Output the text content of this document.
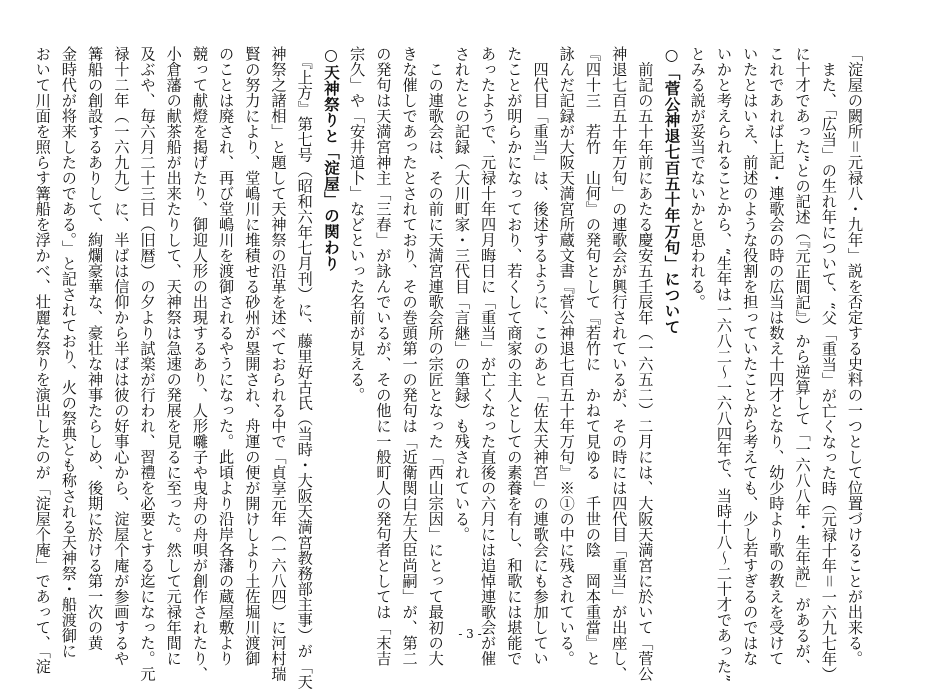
「淀屋の闕所＝元禄八・九年」説を否定する史料の一つとして位置づけることが出来る。
　また、「広当」の生れ年について、“父「重当」が亡くなった時（元禄十年＝一六九七年）
に十才であった”との記述（『元正間記』）から逆算して「一六八八年・生年説」があるが、
これであれば上記・連歌会の時の広当は数え十四才となり、幼少時より歌の教えを受けて
いたとはいえ、前述のような役割を担っていたことから考えても、少し若すぎるのではな
いかと考えられることから、“生年は一六八二～一六八四年で、当時十八～二十才であった”
とみる説が妥当でないかと思われる。
○「菅公神退七百五十年万句」について
　前記の五十年前にあたる慶安五壬辰年（一六五二）二月には、大阪天満宮に於いて「菅公
神退七百五十年万句」の連歌会が興行されているが、その時には四代目「重当」が出座し、
『四十三　若竹　山何』の発句として『若竹に　かねて見ゆる　千世の陰　岡本重當』と
詠んだ記録が大阪天満宮所蔵文書『菅公神退七百五十年万句』※①の中に残されている。
　四代目「重当」は、後述するように、このあと「佐太天神宮」の連歌会にも参加してい
たことが明らかになっており、若くして商家の主人としての素養を有し、和歌には堪能で
あったようで、元禄十年四月晦日に「重当」が亡くなった直後の六月には追悼連歌会が催
されたとの記録（大川町家・三代目「言継」の筆録）も残されている。
　この連歌会は、その前に天満宮連歌会所の宗匠となった「西山宗因」にとって最初の大
きな催しであったとされており、その巻頭第一の発句は「近衛関白左大臣尚嗣」が、第二
の発句は天満宮神主「三春」が詠んでいるが、その他に一般町人の発句者としては「末吉
宗久」や「安井道卜」などといった名前が見える。
○天神祭りと「淀屋」の関わり
　『上方』第七号（昭和六年七月刊）に、藤里好古氏（当時・大阪天満宮教務部主事）が「天
神祭之諸相」と題して天神祭の沿革を述べておられる中で「貞享元年（一六八四）に河村瑞
賢の努力により、堂嶋川に堆積せる砂州が塁開され、舟運の便が開けしより土佐堀川渡御
のことは廃され、再び堂嶋川を渡御されるやうになった。此頃より沿岸各藩の蔵屋敷より
競って献燈を掲げたり、御迎人形の出現するあり、人形囃子や曳舟の舟唄が創作されたり、
小倉藩の献茶船が出来たりして、天神祭は急速の発展を見るに至った。然して元禄年間に
及ぶや、毎六月二十三日（旧暦）の夕より試楽が行われ、習禮を必要とする迄になった。元
禄十二年（一六九九）に、半ばは信仰から半ばは彼の好事心から、淀屋个庵が参画するや
篝船の創設するありして、絢爛豪華な、豪壮な神事たらしめ、後期に於ける第一次の黄
金時代が将来したのである。」と記されており、火の祭典とも称される天神祭・船渡御に
おいて川面を照らす篝船を浮かべ、壮麗な祭りを演出したのが「淀屋个庵」であって、「淀	- 3 -
